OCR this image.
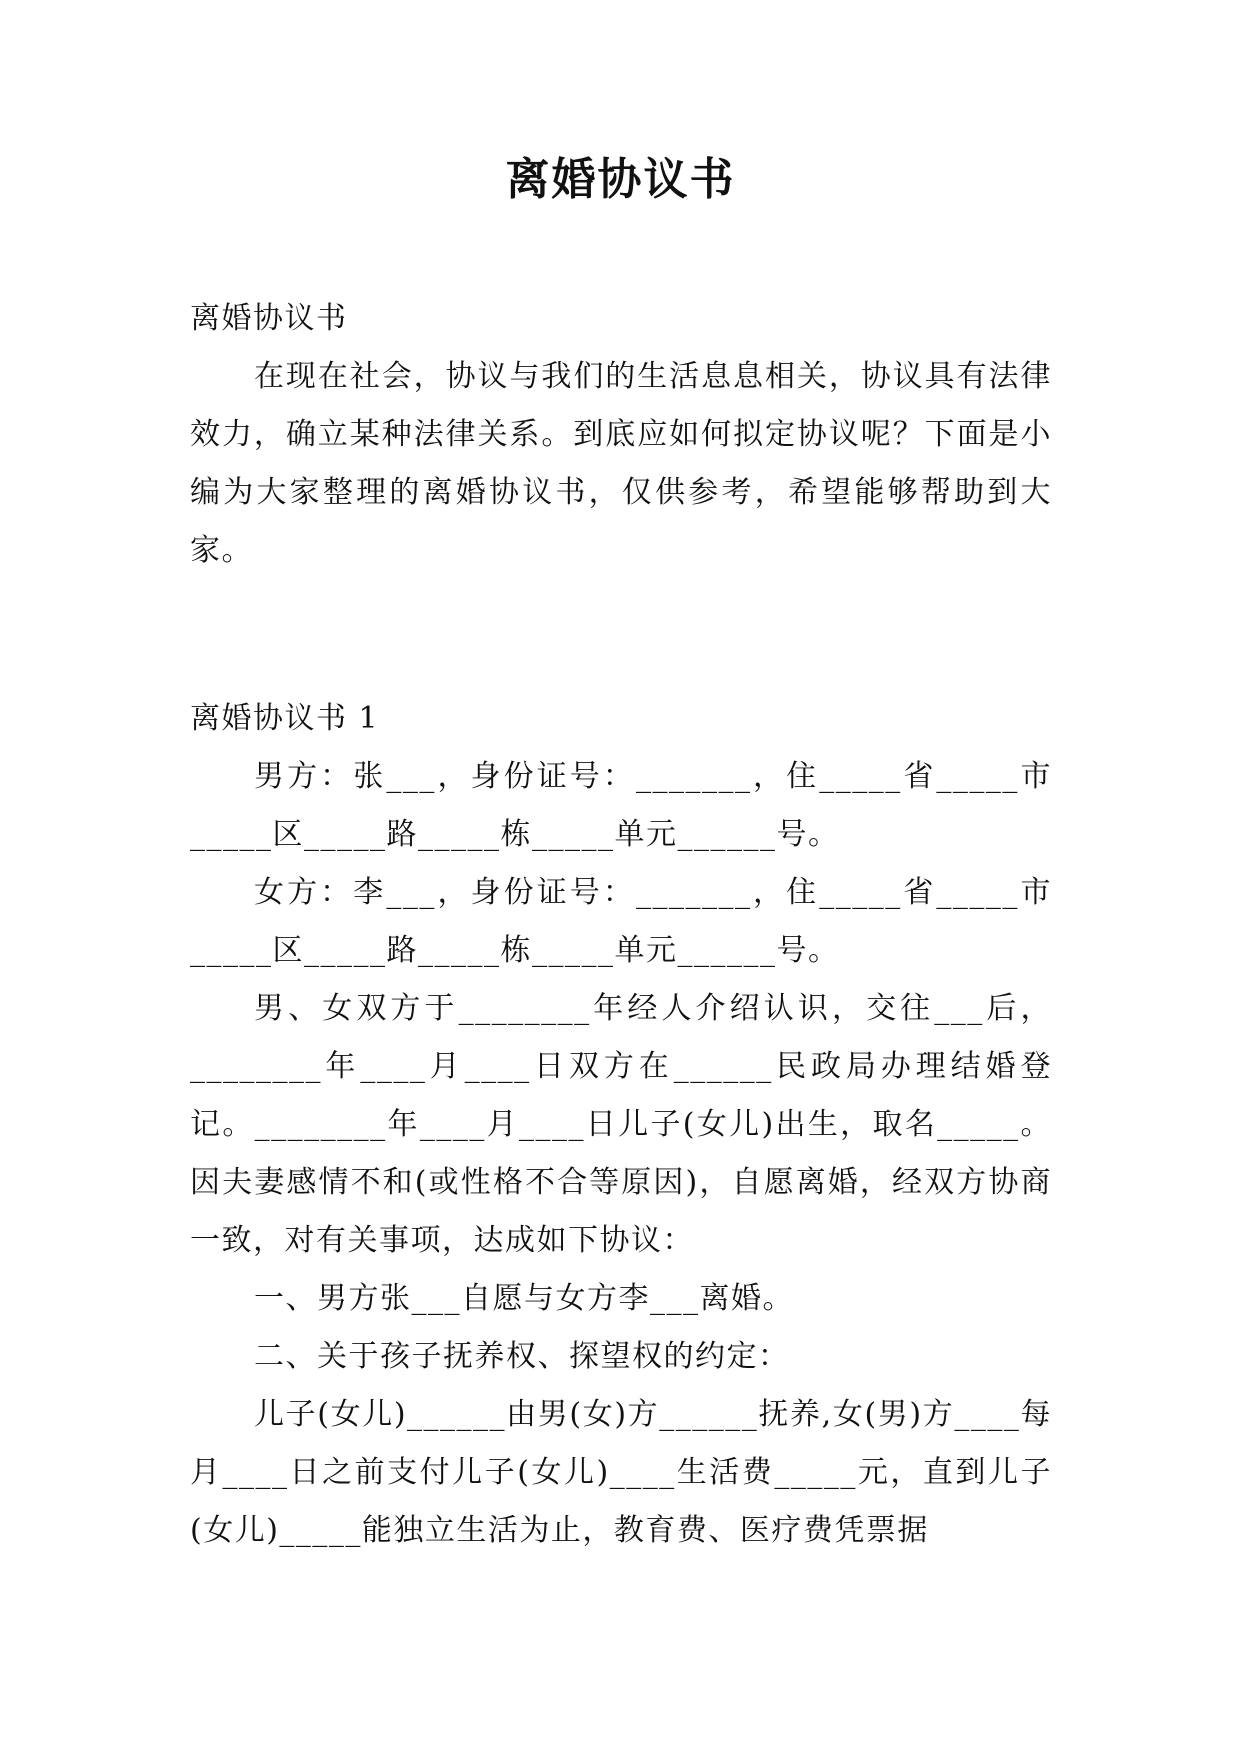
离婚协议书

离婚协议书

在现在社会，协议与我们的生活息息相关，协议具有法律效力，确立某种法律关系。到底应如何拟定协议呢？下面是小编为大家整理的离婚协议书，仅供参考，希望能够帮助到大家。

离婚协议书 1

男方：张___，身份证号：_______，住_____省_____市_____区_____路_____栋_____单元______号。

女方：李___，身份证号：_______，住_____省_____市_____区_____路_____栋_____单元______号。

男、女双方于________年经人介绍认识，交往___后，________年____月____日双方在______民政局办理结婚登记。________年____月____日儿子(女儿)出生，取名_____。因夫妻感情不和(或性格不合等原因)，自愿离婚，经双方协商一致，对有关事项，达成如下协议：

一、男方张___自愿与女方李___离婚。

二、关于孩子抚养权、探望权的约定：

儿子(女儿)______由男(女)方______抚养,女(男)方____每月____日之前支付儿子(女儿)____生活费_____元，直到儿子(女儿)_____能独立生活为止，教育费、医疗费凭票据
